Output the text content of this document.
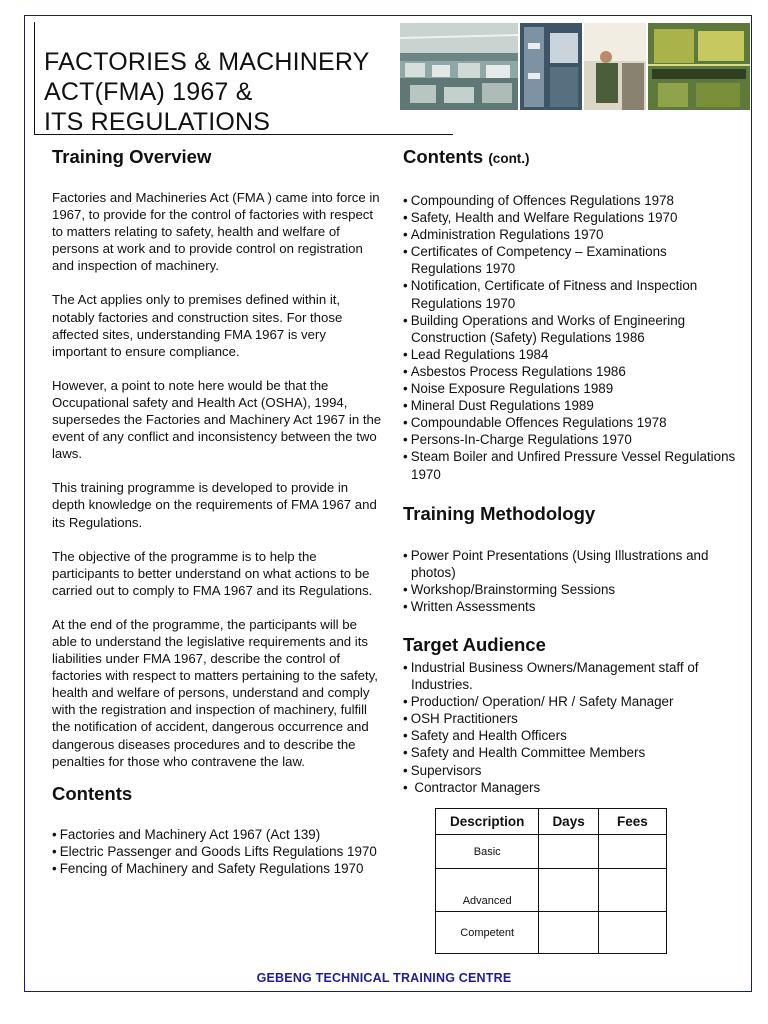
FACTORIES & MACHINERY
ACT(FMA) 1967 &
ITS REGULATIONS
Training Overview

Factories and Machineries Act (FMA ) came into force in 1967, to provide for the control of factories with respect to matters relating to safety, health and welfare of persons at work and to provide control on registration and inspection of machinery.

The Act applies only to premises defined within it, notably factories and construction sites. For those affected sites, understanding FMA 1967 is very important to ensure compliance.

However, a point to note here would be that the Occupational safety and Health Act (OSHA), 1994, supersedes the Factories and Machinery Act 1967 in the event of any conflict and inconsistency between the two laws.

This training programme is developed to provide in depth knowledge on the requirements of FMA 1967 and its Regulations.

The objective of the programme is to help the participants to better understand on what actions to be carried out to comply to FMA 1967 and its Regulations.

At the end of the programme, the participants will be able to understand the legislative requirements and its liabilities under FMA 1967, describe the control of factories with respect to matters pertaining to the safety, health and welfare of persons, understand and comply with the registration and inspection of machinery, fulfill the notification of accident, dangerous occurrence and dangerous diseases procedures and to describe the penalties for those who contravene the law.

Contents
• Factories and Machinery Act 1967 (Act 139)
• Electric Passenger and Goods Lifts Regulations 1970
• Fencing of Machinery and Safety Regulations 1970
Contents (cont.)
• Compounding of Offences Regulations 1978
• Safety, Health and Welfare Regulations 1970
• Administration Regulations 1970
• Certificates of Competency – Examinations Regulations 1970
• Notification, Certificate of Fitness and Inspection Regulations 1970
• Building Operations and Works of Engineering Construction (Safety) Regulations 1986
• Lead Regulations 1984
• Asbestos Process Regulations 1986
• Noise Exposure Regulations 1989
• Mineral Dust Regulations 1989
• Compoundable Offences Regulations 1978
• Persons-In-Charge Regulations 1970
• Steam Boiler and Unfired Pressure Vessel Regulations 1970
Training Methodology
• Power Point Presentations (Using Illustrations and photos)
• Workshop/Brainstorming Sessions
• Written Assessments
Target Audience
• Industrial Business Owners/Management staff of Industries.
• Production/ Operation/ HR / Safety Manager
• OSH Practitioners
• Safety and Health Officers
• Safety and Health Committee Members
• Supervisors
• Contractor Managers
Description	Days	Fees
Basic		
Advanced		
Competent		
GEBENG TECHNICAL TRAINING CENTRE
